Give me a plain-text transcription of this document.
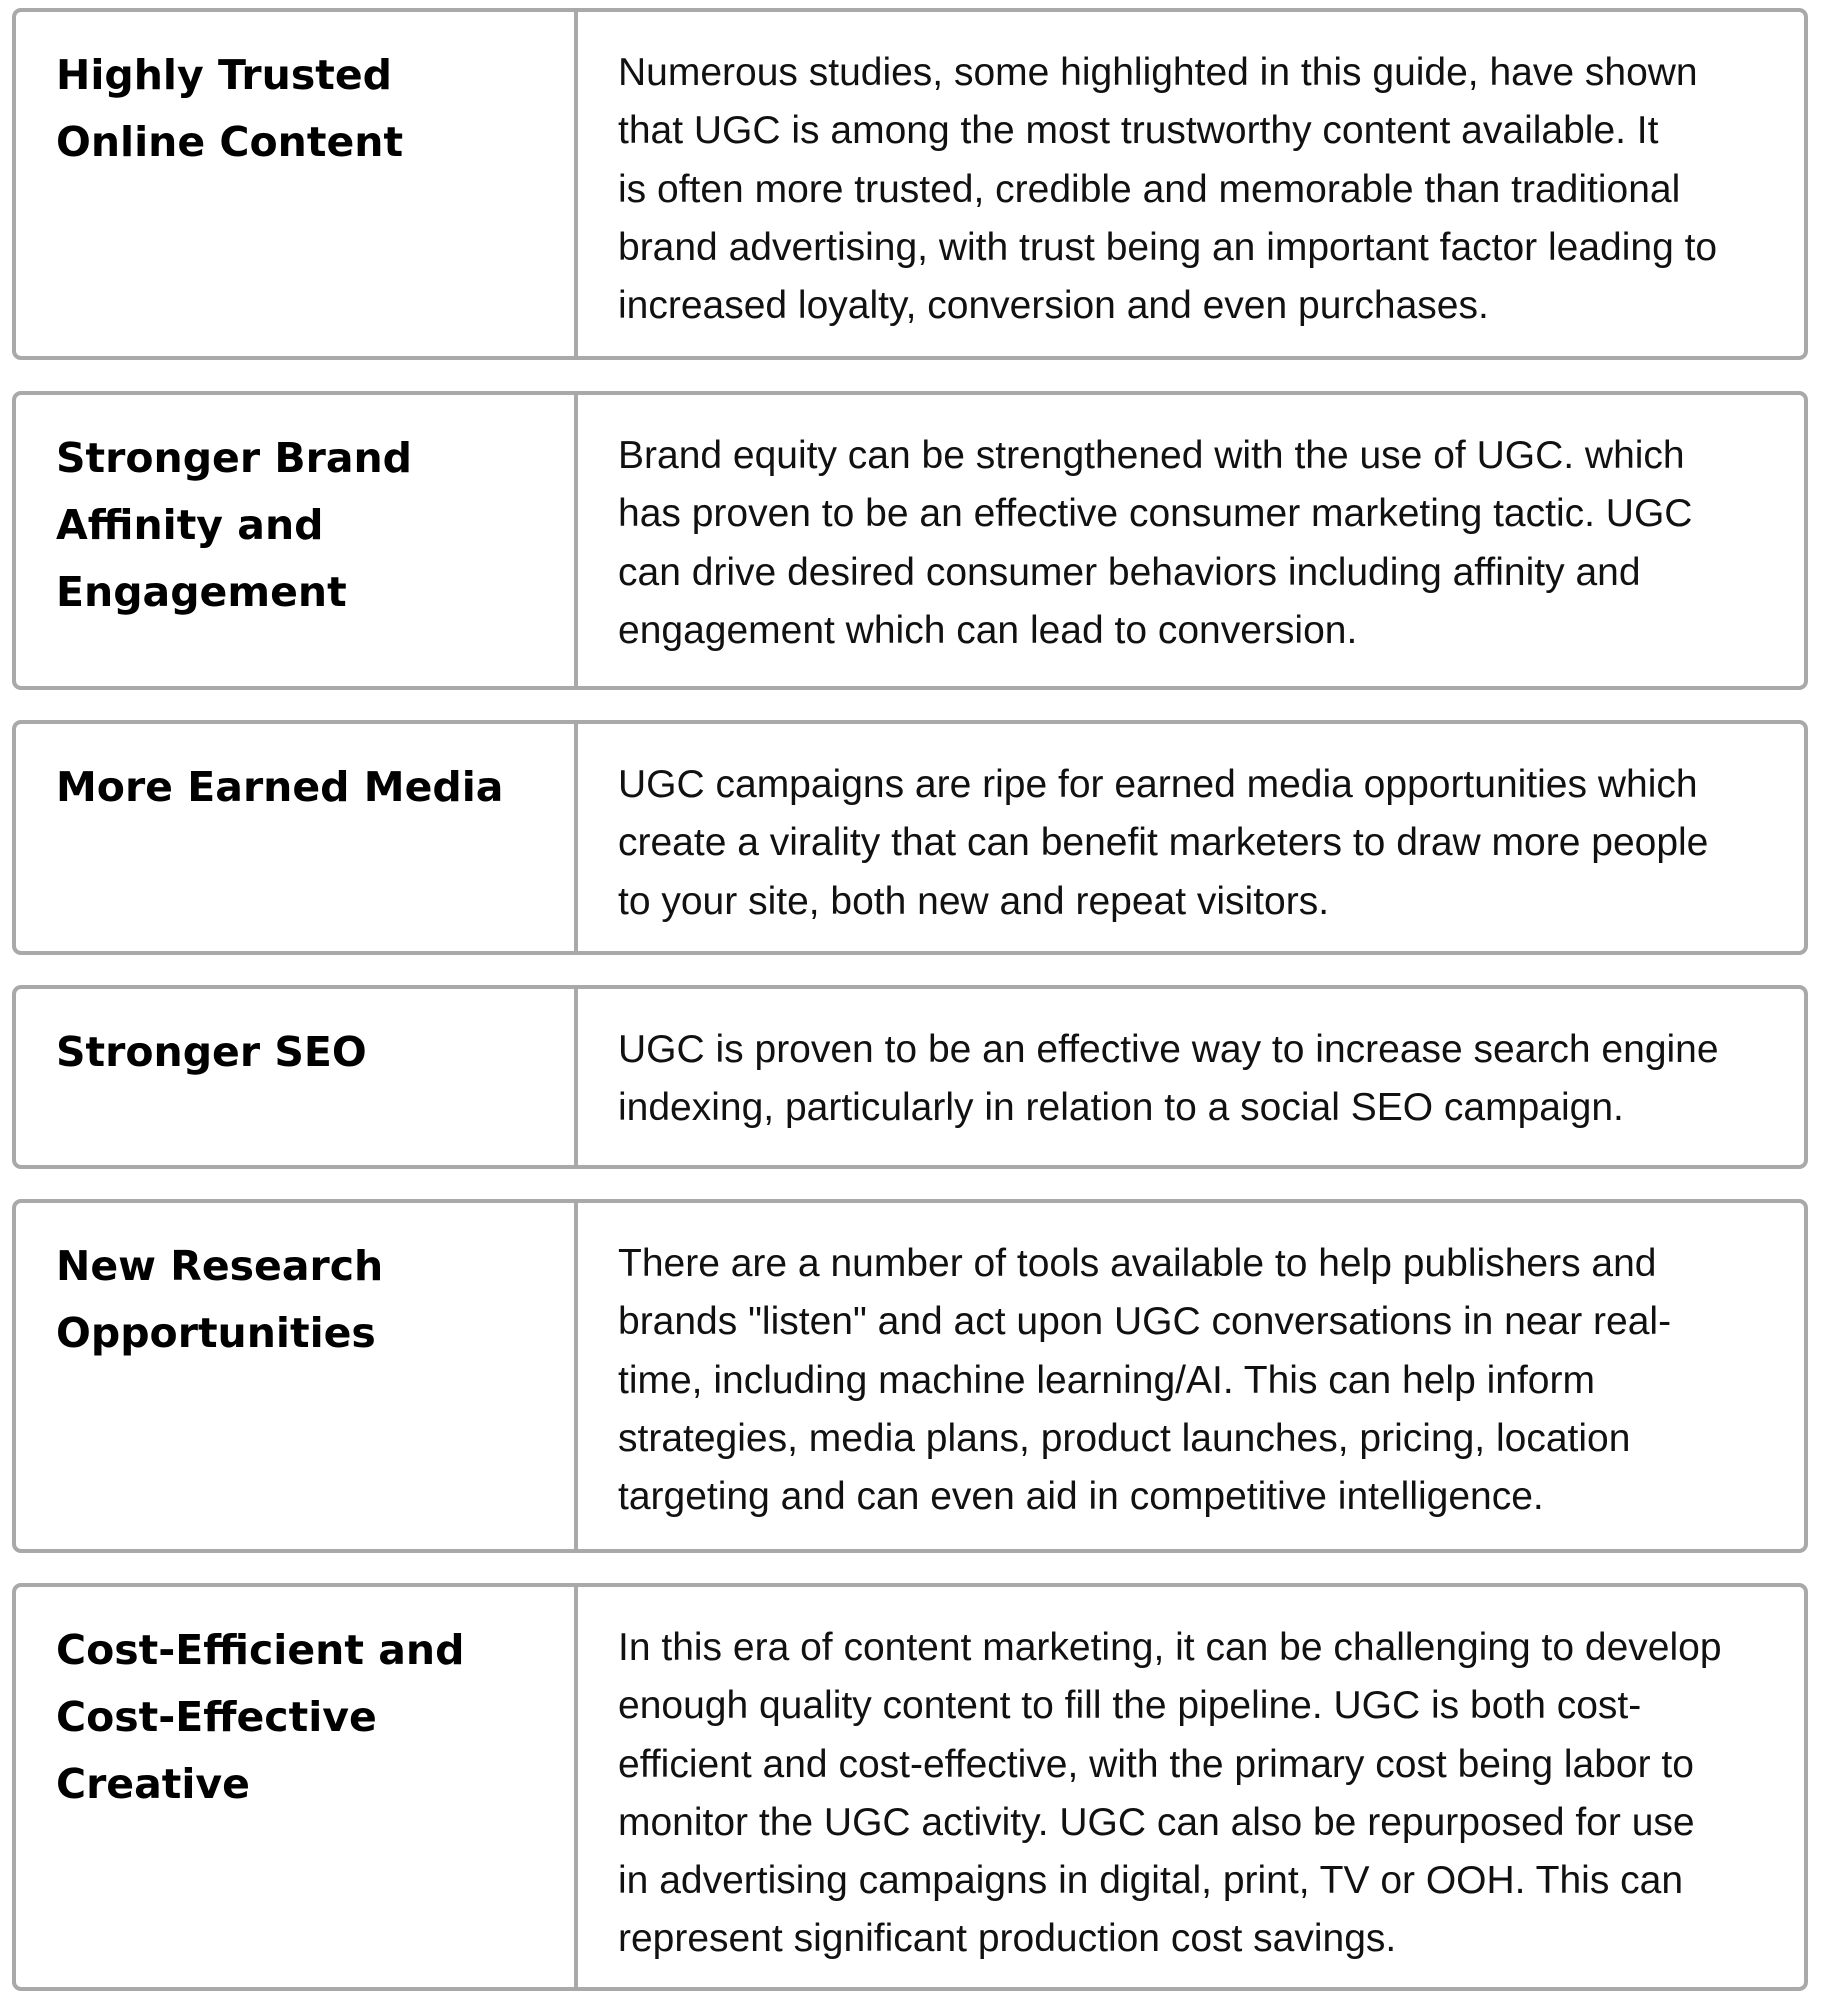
Highly Trusted
Online Content
Numerous studies, some highlighted in this guide, have shown
that UGC is among the most trustworthy content available. It
is often more trusted, credible and memorable than traditional
brand advertising, with trust being an important factor leading to
increased loyalty, conversion and even purchases.
Stronger Brand
Affinity and
Engagement
Brand equity can be strengthened with the use of UGC. which
has proven to be an effective consumer marketing tactic. UGC
can drive desired consumer behaviors including affinity and
engagement which can lead to conversion.
More Earned Media	UGC campaigns are ripe for earned media opportunities which
create a virality that can benefit marketers to draw more people
to your site, both new and repeat visitors.
Stronger SEO	UGC is proven to be an effective way to increase search engine
indexing, particularly in relation to a social SEO campaign.
New Research
Opportunities
There are a number of tools available to help publishers and
brands "listen" and act upon UGC conversations in near real-
time, including machine learning/AI. This can help inform
strategies, media plans, product launches, pricing, location
targeting and can even aid in competitive intelligence.
Cost-Efficient and
Cost-Effective Creative
In this era of content marketing, it can be challenging to develop
enough quality content to fill the pipeline. UGC is both cost-
efficient and cost-effective, with the primary cost being labor to
monitor the UGC activity. UGC can also be repurposed for use
in advertising campaigns in digital, print, TV or OOH. This can
represent significant production cost savings.
